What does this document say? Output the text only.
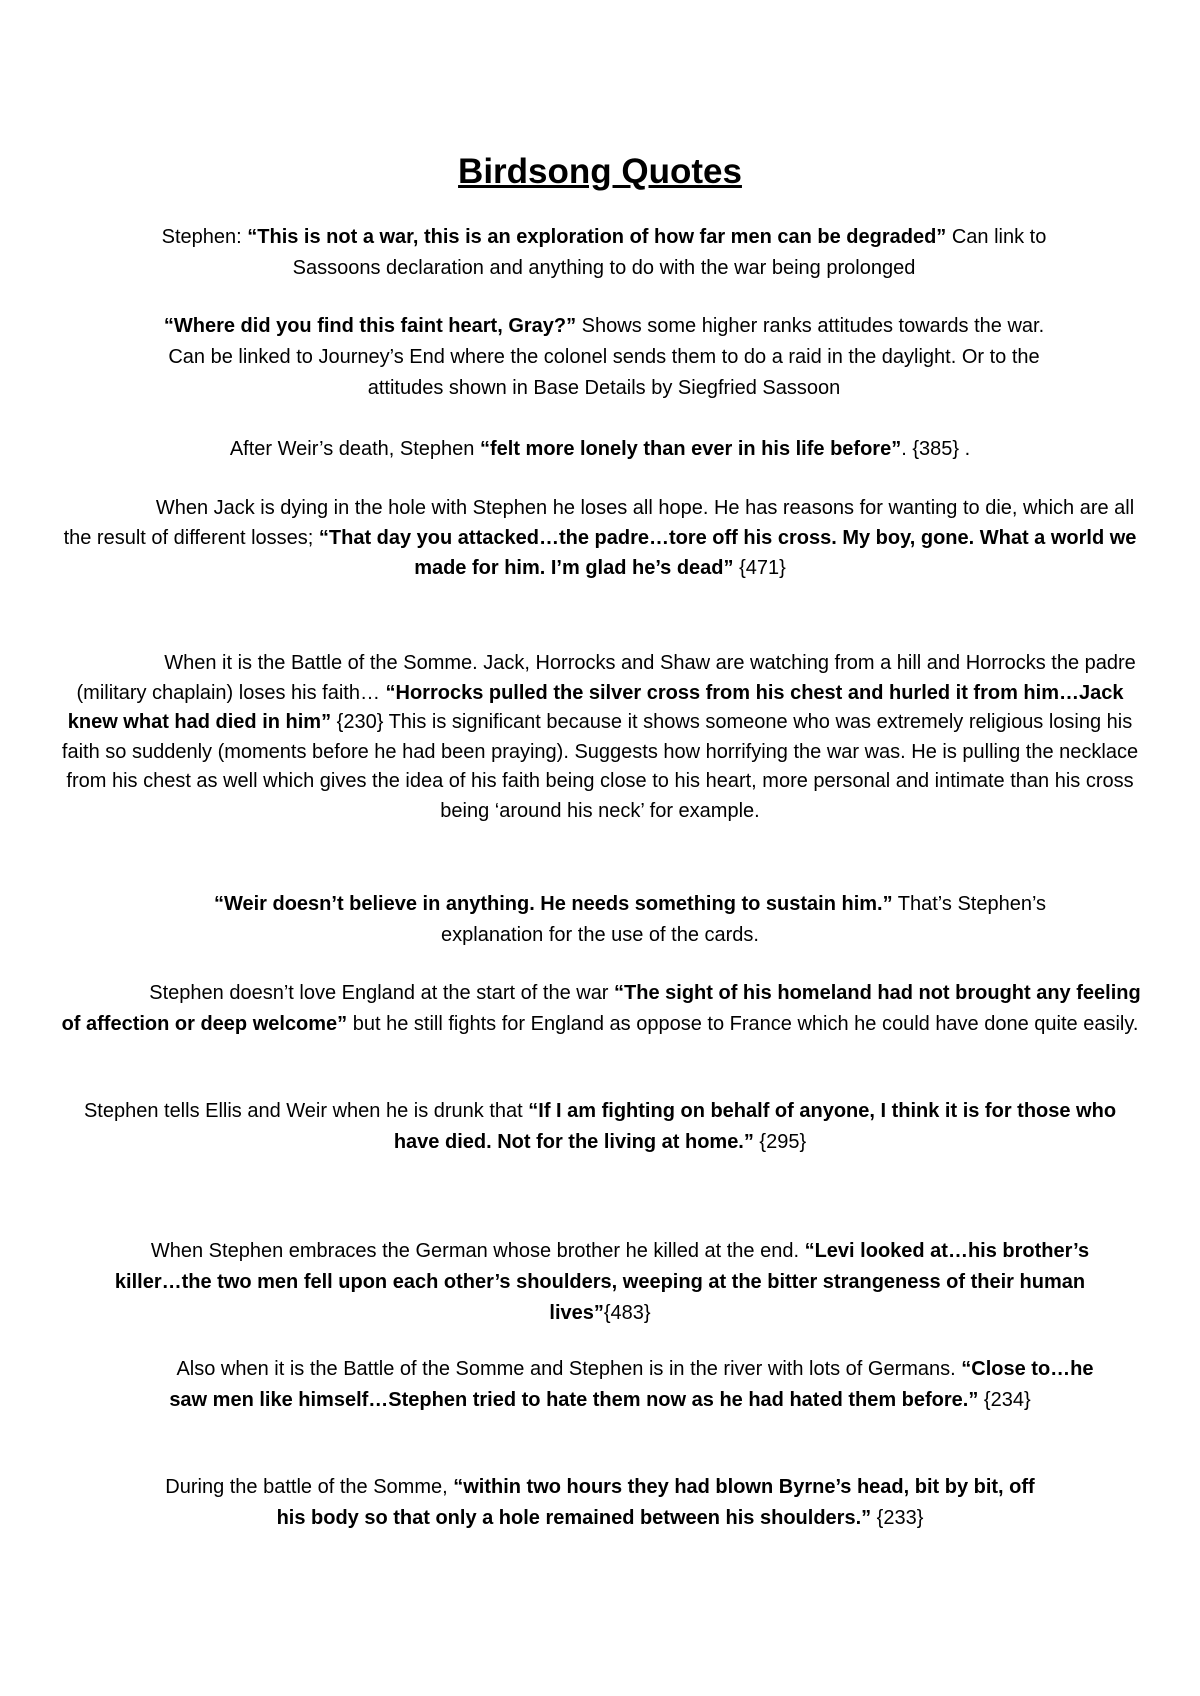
Birdsong Quotes

Stephen: “This is not a war, this is an exploration of how far men can be degraded” Can link to Sassoons declaration and anything to do with the war being prolonged

“Where did you find this faint heart, Gray?” Shows some higher ranks attitudes towards the war. Can be linked to Journey’s End where the colonel sends them to do a raid in the daylight. Or to the attitudes shown in Base Details by Siegfried Sassoon

After Weir’s death, Stephen “felt more lonely than ever in his life before”. {385} .

When Jack is dying in the hole with Stephen he loses all hope. He has reasons for wanting to die, which are all the result of different losses; “That day you attacked…the padre…tore off his cross. My boy, gone. What a world we made for him. I’m glad he’s dead” {471}

When it is the Battle of the Somme. Jack, Horrocks and Shaw are watching from a hill and Horrocks the padre (military chaplain) loses his faith… “Horrocks pulled the silver cross from his chest and hurled it from him…Jack knew what had died in him” {230} This is significant because it shows someone who was extremely religious losing his faith so suddenly (moments before he had been praying). Suggests how horrifying the war was. He is pulling the necklace from his chest as well which gives the idea of his faith being close to his heart, more personal and intimate than his cross being ‘around his neck’ for example.

“Weir doesn’t believe in anything. He needs something to sustain him.” That’s Stephen’s explanation for the use of the cards.

Stephen doesn’t love England at the start of the war “The sight of his homeland had not brought any feeling of affection or deep welcome” but he still fights for England as oppose to France which he could have done quite easily.

Stephen tells Ellis and Weir when he is drunk that “If I am fighting on behalf of anyone, I think it is for those who have died. Not for the living at home.” {295}

When Stephen embraces the German whose brother he killed at the end. “Levi looked at…his brother’s killer…the two men fell upon each other’s shoulders, weeping at the bitter strangeness of their human lives”{483}

Also when it is the Battle of the Somme and Stephen is in the river with lots of Germans. “Close to…he saw men like himself…Stephen tried to hate them now as he had hated them before.” {234}

During the battle of the Somme, “within two hours they had blown Byrne’s head, bit by bit, off his body so that only a hole remained between his shoulders.” {233}
